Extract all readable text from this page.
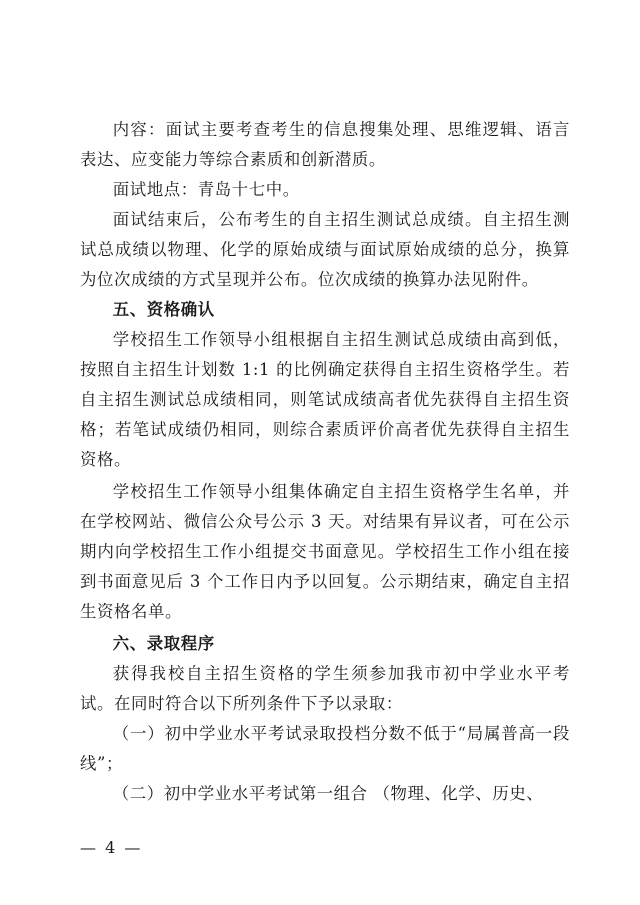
内容：面试主要考查考生的信息搜集处理、思维逻辑、语言表达、应变能力等综合素质和创新潜质。

面试地点：青岛十七中。

面试结束后，公布考生的自主招生测试总成绩。自主招生测试总成绩以物理、化学的原始成绩与面试原始成绩的总分，换算为位次成绩的方式呈现并公布。位次成绩的换算办法见附件。

五、资格确认

学校招生工作领导小组根据自主招生测试总成绩由高到低，按照自主招生计划数 1:1 的比例确定获得自主招生资格学生。若自主招生测试总成绩相同，则笔试成绩高者优先获得自主招生资格；若笔试成绩仍相同，则综合素质评价高者优先获得自主招生资格。

学校招生工作领导小组集体确定自主招生资格学生名单，并在学校网站、微信公众号公示 3 天。对结果有异议者，可在公示期内向学校招生工作小组提交书面意见。学校招生工作小组在接到书面意见后 3 个工作日内予以回复。公示期结束，确定自主招生资格名单。

六、录取程序

获得我校自主招生资格的学生须参加我市初中学业水平考试。在同时符合以下所列条件下予以录取：

（一）初中学业水平考试录取投档分数不低于“局属普高一段线”；

（二）初中学业水平考试第一组合 （物理、化学、历史、

— 4 —
